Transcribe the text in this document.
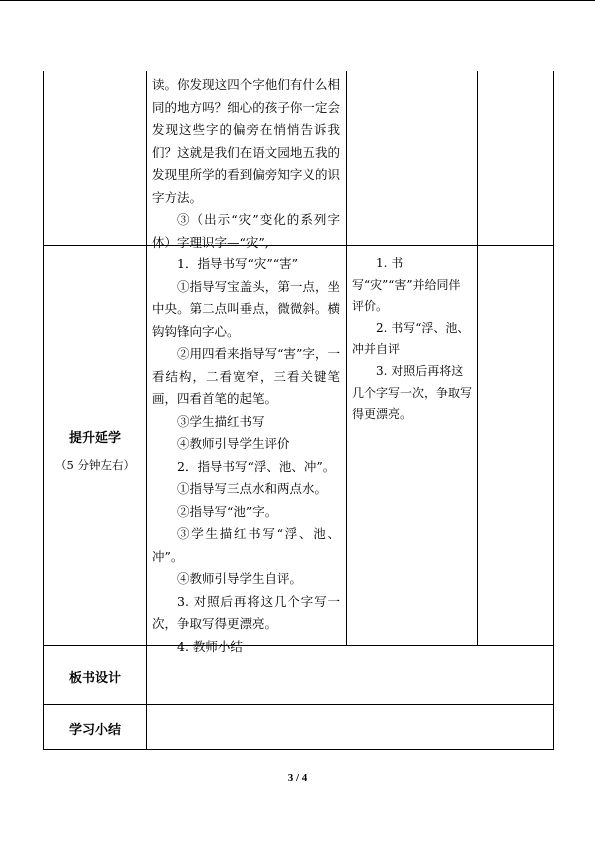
读。你发现这四个字他们有什么相同的地方吗？细心的孩子你一定会发现这些字的偏旁在悄悄告诉我们？这就是我们在语文园地五我的发现里所学的看到偏旁知字义的识字方法。

③（出示“灾”变化的系列字体）字理识字—“灾”,

提升延学
（5 分钟左右）

1．指导书写“灾”“害”

①指导写宝盖头，第一点，坐中央。第二点叫垂点，微微斜。横钩钩锋向字心。

②用四看来指导写“害”字，一看结构，二看宽窄，三看关键笔画，四看首笔的起笔。

③学生描红书写

④教师引导学生评价

2．指导书写“浮、池、冲”。

①指导写三点水和两点水。

②指导写“池”字。

③学生描红书写“浮、池、冲”。

④教师引导学生自评。

3. 对照后再将这几个字写一次，争取写得更漂亮。

4. 教师小结

1. 书写“灾”“害”并给同伴评价。

2. 书写“浮、池、冲并自评

3. 对照后再将这几个字写一次，争取写得更漂亮。

板书设计
学习小结
3 / 4
